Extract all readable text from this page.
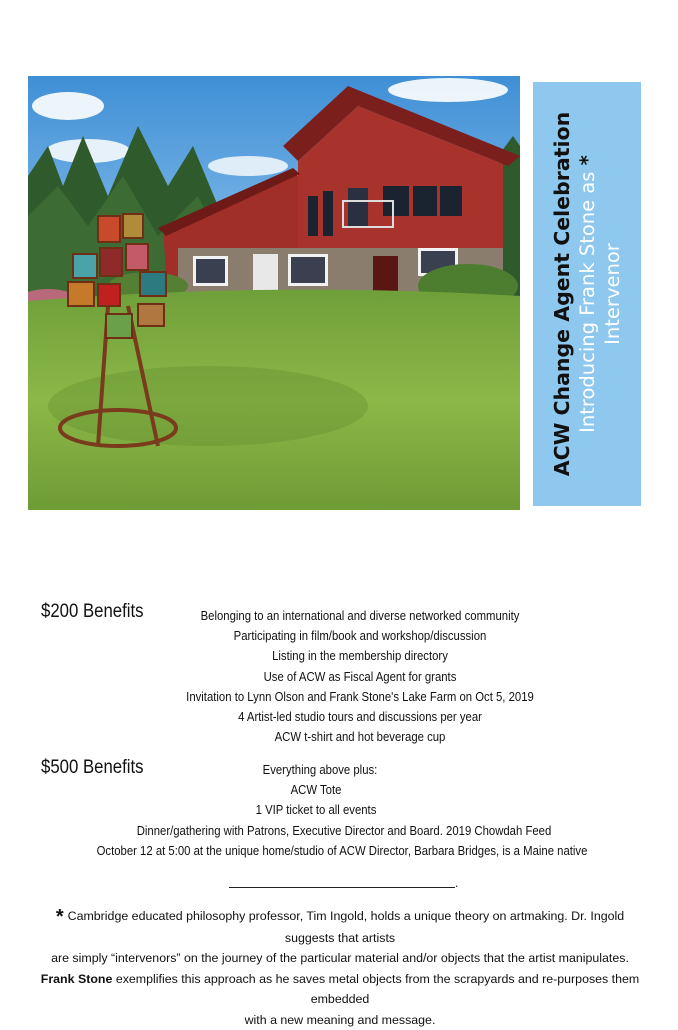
ACW Change Agent Celebration Introducing Frank Stone as *
Intervenor
$200 Benefits	Belonging to an international and diverse networked community
Participating in film/book and workshop/discussion
Listing in the membership directory
Use of ACW as Fiscal Agent for grants
Invitation to Lynn Olson and Frank Stone's Lake Farm on Oct 5, 2019
4 Artist-led studio tours and discussions per year
ACW t-shirt and hot beverage cup
$500 Benefits	Everything above plus:
ACW Tote
1 VIP ticket to all events
Dinner/gathering with Patrons, Executive Director and Board. 2019 Chowdah Feed
October 12 at 5:00 at the unique home/studio of ACW Director, Barbara Bridges, is a Maine native
.
* Cambridge educated philosophy professor, Tim Ingold, holds a unique theory on artmaking. Dr. Ingold suggests that artists
are simply “intervenors” on the journey of the particular material and/or objects that the artist manipulates.
Frank Stone exemplifies this approach as he saves metal objects from the scrapyards and re-purposes them embedded
with a new meaning and message.
